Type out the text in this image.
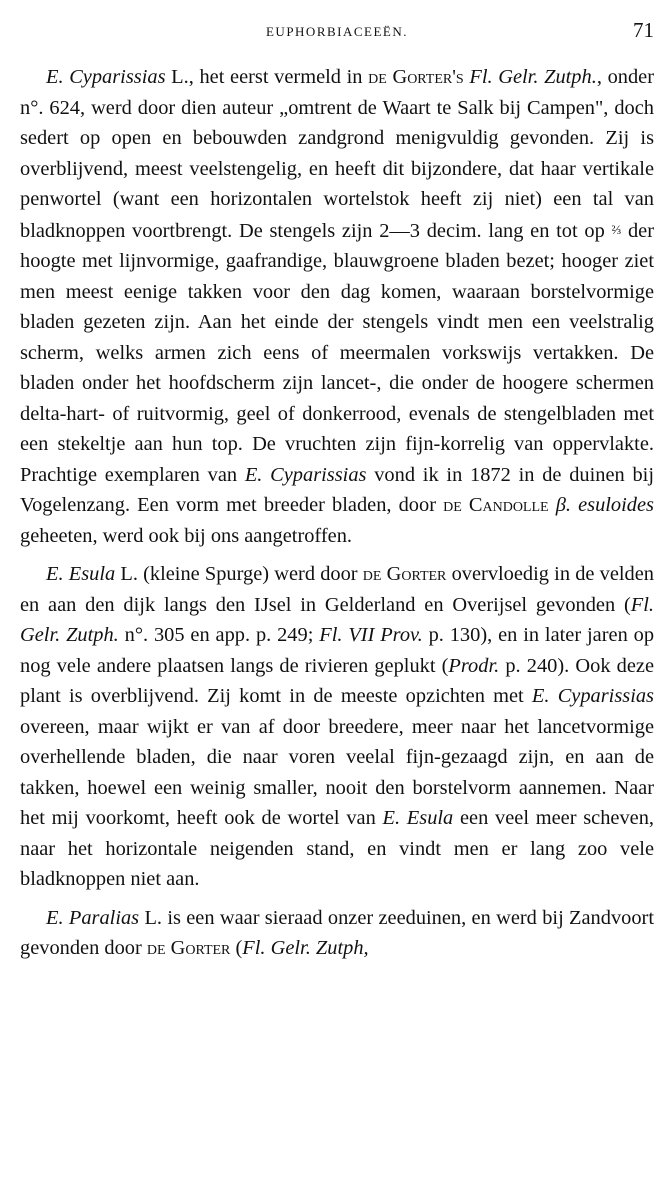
EUPHORBIACEEËN.	71

E. Cyparissias L., het eerst vermeld in de Gorter's Fl. Gelr. Zutph., onder n°. 624, werd door dien auteur „omtrent de Waart te Salk bij Campen", doch sedert op open en bebouwden zandgrond menigvuldig gevonden. Zij is overblijvend, meest veelstengelig, en heeft dit bijzondere, dat haar vertikale penwortel (want een horizontalen wortelstok heeft zij niet) een tal van bladknoppen voortbrengt. De stengels zijn 2—3 decim. lang en tot op ⅔ der hoogte met lijnvormige, gaafrandige, blauwgroene bladen bezet; hooger ziet men meest eenige takken voor den dag komen, waaraan borstelvormige bladen gezeten zijn. Aan het einde der stengels vindt men een veelstralig scherm, welks armen zich eens of meermalen vorkswijs vertakken. De bladen onder het hoofdscherm zijn lancet-, die onder de hoogere schermen delta-hart- of ruitvormig, geel of donkerrood, evenals de stengelbladen met een stekeltje aan hun top. De vruchten zijn fijn-korrelig van oppervlakte. Prachtige exemplaren van E. Cyparissias vond ik in 1872 in de duinen bij Vogelenzang. Een vorm met breeder bladen, door de Candolle β. esuloides geheeten, werd ook bij ons aangetroffen.

E. Esula L. (kleine Spurge) werd door de Gorter overvloedig in de velden en aan den dijk langs den IJsel in Gelderland en Overijsel gevonden (Fl. Gelr. Zutph. n°. 305 en app. p. 249; Fl. VII Prov. p. 130), en in later jaren op nog vele andere plaatsen langs de rivieren geplukt (Prodr. p. 240). Ook deze plant is overblijvend. Zij komt in de meeste opzichten met E. Cyparissias overeen, maar wijkt er van af door breedere, meer naar het lancetvormige overhellende bladen, die naar voren veelal fijn-gezaagd zijn, en aan de takken, hoewel een weinig smaller, nooit den borstelvorm aannemen. Naar het mij voorkomt, heeft ook de wortel van E. Esula een veel meer scheven, naar het horizontale neigenden stand, en vindt men er lang zoo vele bladknoppen niet aan.

E. Paralias L. is een waar sieraad onzer zeeduinen, en werd bij Zandvoort gevonden door de Gorter (Fl. Gelr. Zutph,
